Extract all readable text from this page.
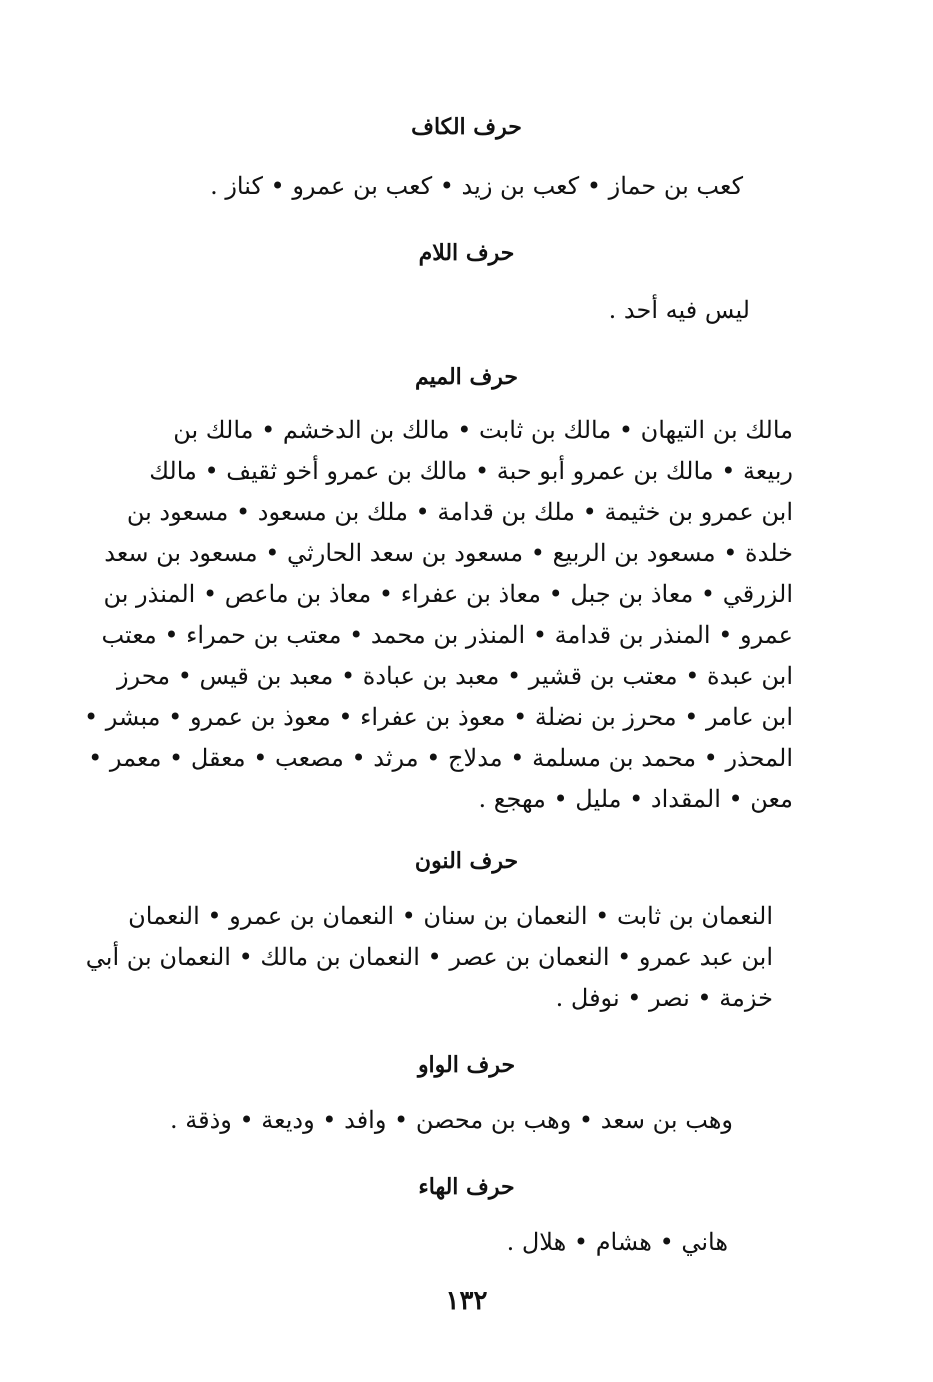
حرف الكاف
كعب بن حماز • كعب بن زيد • كعب بن عمرو • كناز .
حرف اللام
ليس فيه أحد .
حرف الميم
مالك بن التيهان • مالك بن ثابت • مالك بن الدخشم • مالك بن
ربيعة • مالك بن عمرو أبو حبة • مالك بن عمرو أخو ثقيف • مالك
ابن عمرو بن خثيمة • ملك بن قدامة • ملك بن مسعود • مسعود بن
خلدة • مسعود بن الربيع • مسعود بن سعد الحارثي • مسعود بن سعد
الزرقي • معاذ بن جبل • معاذ بن عفراء • معاذ بن ماعص • المنذر بن
عمرو • المنذر بن قدامة • المنذر بن محمد • معتب بن حمراء • معتب
ابن عبدة • معتب بن قشير • معبد بن عبادة • معبد بن قيس • محرز
ابن عامر • محرز بن نضلة • معوذ بن عفراء • معوذ بن عمرو • مبشر •
المحذر • محمد بن مسلمة • مدلاج • مرثد • مصعب • معقل • معمر •
معن • المقداد • مليل • مهجع .
حرف النون
النعمان بن ثابت • النعمان بن سنان • النعمان بن عمرو • النعمان
ابن عبد عمرو • النعمان بن عصر • النعمان بن مالك • النعمان بن أبي
خزمة • نصر • نوفل .
حرف الواو
وهب بن سعد • وهب بن محصن • وافد • وديعة • وذقة .
حرف الهاء
هاني • هشام • هلال .
١٣٢
